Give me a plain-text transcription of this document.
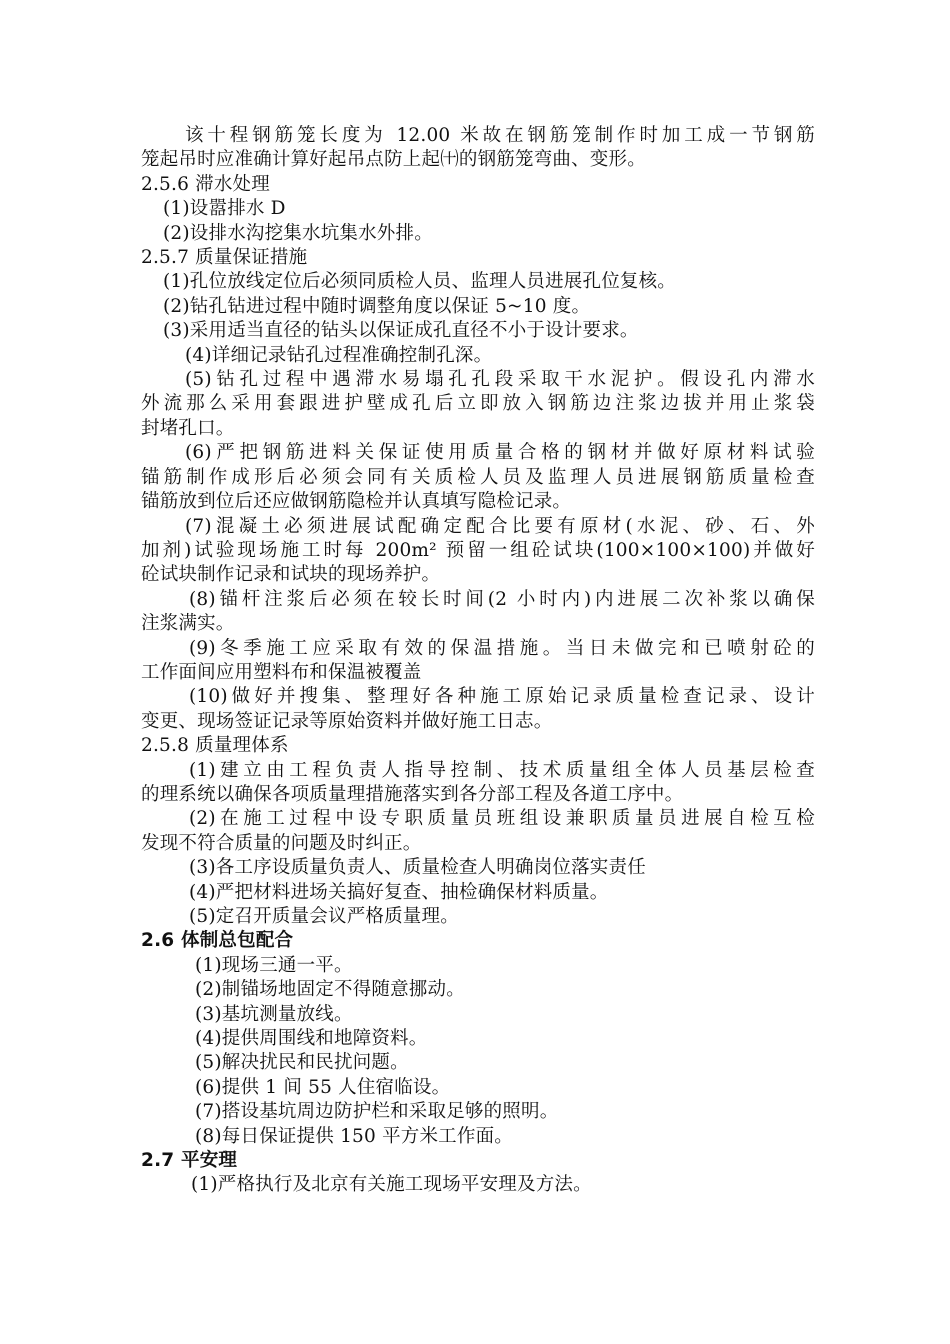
该十程钢筋笼长度为 12.00 米故在钢筋笼制作时加工成一节钢筋
笼起吊时应准确计算好起吊点防上起㈩的钢筋笼弯曲、变形。
2.5.6 滞水处理
(1)设嚣排水 D
(2)设排水沟挖集水坑集水外排。
2.5.7 质量保证措施
(1)孔位放线定位后必须同质检人员、监理人员进展孔位复核。
(2)钻孔钻进过程中随时调整角度以保证 5~10 度。
(3)采用适当直径的钻头以保证成孔直径不小于设计要求。
(4)详细记录钻孔过程准确控制孔深。
(5)钻孔过程中遇滞水易塌孔孔段采取干水泥护。假设孔内滞水
外流那么采用套跟进护壁成孔后立即放入钢筋边注浆边拔并用止浆袋
封堵孔口。
(6)严把钢筋进料关保证使用质量合格的钢材并做好原材料试验
锚筋制作成形后必须会同有关质检人员及监理人员进展钢筋质量检查
锚筋放到位后还应做钢筋隐检并认真填写隐检记录。
(7)混凝土必须进展试配确定配合比要有原材(水泥、砂、石、外
加剂)试验现场施工时每 200m² 预留一组砼试块(100×100×100)并做好
砼试块制作记录和试块的现场养护。
(8)锚杆注浆后必须在较长时间(2 小时内)内进展二次补浆以确保
注浆满实。
(9)冬季施工应采取有效的保温措施。当日未做完和已喷射砼的
工作面间应用塑料布和保温被覆盖
(10)做好并搜集、整理好各种施工原始记录质量检查记录、设计
变更、现场签证记录等原始资料并做好施工日志。
2.5.8 质量理体系
(1)建立由工程负责人指导控制、技术质量组全体人员基层检查
的理系统以确保各项质量理措施落实到各分部工程及各道工序中。
(2)在施工过程中设专职质量员班组设兼职质量员进展自检互检
发现不符合质量的问题及时纠正。
(3)各工序设质量负责人、质量检查人明确岗位落实责任
(4)严把材料进场关搞好复查、抽检确保材料质量。
(5)定召开质量会议严格质量理。
2.6 体制总包配合
(1)现场三通一平。
(2)制锚场地固定不得随意挪动。
(3)基坑测量放线。
(4)提供周围线和地障资料。
(5)解决扰民和民扰问题。
(6)提供 1 间 55 人住宿临设。
(7)搭设基坑周边防护栏和采取足够的照明。
(8)每日保证提供 150 平方米工作面。
2.7 平安理
(1)严格执行及北京有关施工现场平安理及方法。
